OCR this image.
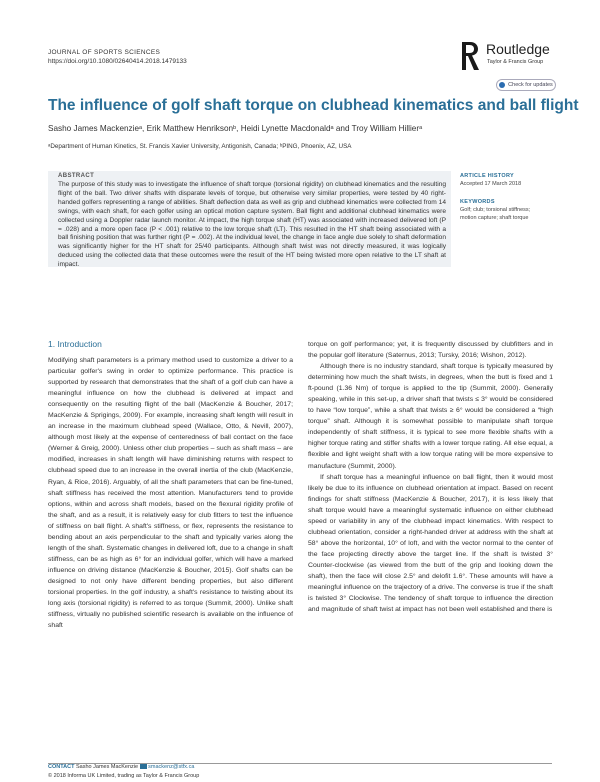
JOURNAL OF SPORTS SCIENCES
https://doi.org/10.1080/02640414.2018.1479133
Routledge
Taylor & Francis Group
Check for updates
The influence of golf shaft torque on clubhead kinematics and ball flight
Sasho James Mackenzieᵃ, Erik Matthew Henriksonᵇ, Heidi Lynette Macdonaldᵃ and Troy William Hillierᵃ
ᵃDepartment of Human Kinetics, St. Francis Xavier University, Antigonish, Canada; ᵇPING, Phoenix, AZ, USA
ABSTRACT
The purpose of this study was to investigate the influence of shaft torque (torsional rigidity) on clubhead kinematics and the resulting flight of the ball. Two driver shafts with disparate levels of torque, but otherwise very similar properties, were tested by 40 right-handed golfers representing a range of abilities. Shaft deflection data as well as grip and clubhead kinematics were collected from 14 swings, with each shaft, for each golfer using an optical motion capture system. Ball flight and additional clubhead kinematics were collected using a Doppler radar launch monitor. At impact, the high torque shaft (HT) was associated with increased delivered loft (P = .028) and a more open face (P < .001) relative to the low torque shaft (LT). This resulted in the HT shaft being associated with a ball finishing position that was further right (P = .002). At the individual level, the change in face angle due solely to shaft deformation was significantly higher for the HT shaft for 25/40 participants. Although shaft twist was not directly measured, it was logically deduced using the collected data that these outcomes were the result of the HT being twisted more open relative to the LT shaft at impact.
ARTICLE HISTORY
Accepted 17 March 2018
KEYWORDS
Golf; club; torsional stiffness;
motion capture; shaft torque
1. Introduction

Modifying shaft parameters is a primary method used to customize a driver to a particular golfer's swing in order to optimize performance. This practice is supported by research that demonstrates that the shaft of a golf club can have a meaningful influence on how the clubhead is delivered at impact and consequently on the resulting flight of the ball (MacKenzie & Boucher, 2017; MacKenzie & Sprigings, 2009). For example, increasing shaft length will result in an increase in the maximum clubhead speed (Wallace, Otto, & Nevill, 2007), although most likely at the expense of centeredness of ball contact on the face (Werner & Greig, 2000). Unless other club properties – such as shaft mass – are modified, increases in shaft length will have diminishing returns with respect to clubhead speed due to an increase in the overall inertia of the club (MacKenzie, Ryan, & Rice, 2016). Arguably, of all the shaft parameters that can be fine-tuned, shaft stiffness has received the most attention. Manufacturers tend to provide options, within and across shaft models, based on the flexural rigidity profile of the shaft, and as a result, it is relatively easy for club fitters to test the influence of stiffness on ball flight. A shaft's stiffness, or flex, represents the resistance to bending about an axis perpendicular to the shaft and typically varies along the length of the shaft. Systematic changes in delivered loft, due to a change in shaft stiffness, can be as high as 6° for an individual golfer, which will have a marked influence on driving distance (MacKenzie & Boucher, 2015). Golf shafts can be designed to not only have different bending properties, but also different torsional properties. In the golf industry, a shaft's resistance to twisting about its long axis (torsional rigidity) is referred to as torque (Summit, 2000). Unlike shaft stiffness, virtually no published scientific research is available on the influence of shaft

torque on golf performance; yet, it is frequently discussed by clubfitters and in the popular golf literature (Saternus, 2013; Tursky, 2016; Wishon, 2012).

Although there is no industry standard, shaft torque is typically measured by determining how much the shaft twists, in degrees, when the butt is fixed and 1 ft-pound (1.36 Nm) of torque is applied to the tip (Summit, 2000). Generally speaking, while in this set-up, a driver shaft that twists ≤ 3° would be considered to have “low torque”, while a shaft that twists ≥ 6° would be considered a “high torque” shaft. Although it is somewhat possible to manipulate shaft torque independently of shaft stiffness, it is typical to see more flexible shafts with a higher torque rating and stiffer shafts with a lower torque rating. All else equal, a flexible and light weight shaft with a low torque rating will be more expensive to manufacture (Summit, 2000).

If shaft torque has a meaningful influence on ball flight, then it would most likely be due to its influence on clubhead orientation at impact. Based on recent findings for shaft stiffness (MacKenzie & Boucher, 2017), it is less likely that shaft torque would have a meaningful systematic influence on either clubhead speed or variability in any of the clubhead impact kinematics. With respect to clubhead orientation, consider a right-handed driver at address with the shaft at 58° above the horizontal, 10° of loft, and with the vector normal to the center of the face projecting directly above the target line. If the shaft is twisted 3° Counter-clockwise (as viewed from the butt of the grip and looking down the shaft), then the face will close 2.5° and delofit 1.6°. These amounts will have a meaningful influence on the trajectory of a drive. The converse is true if the shaft is twisted 3° Clockwise. The tendency of shaft torque to influence the direction and magnitude of shaft twist at impact has not been well established and there is

CONTACT Sasho James MacKenzie smackenz@stfx.ca
© 2018 Informa UK Limited, trading as Taylor & Francis Group
